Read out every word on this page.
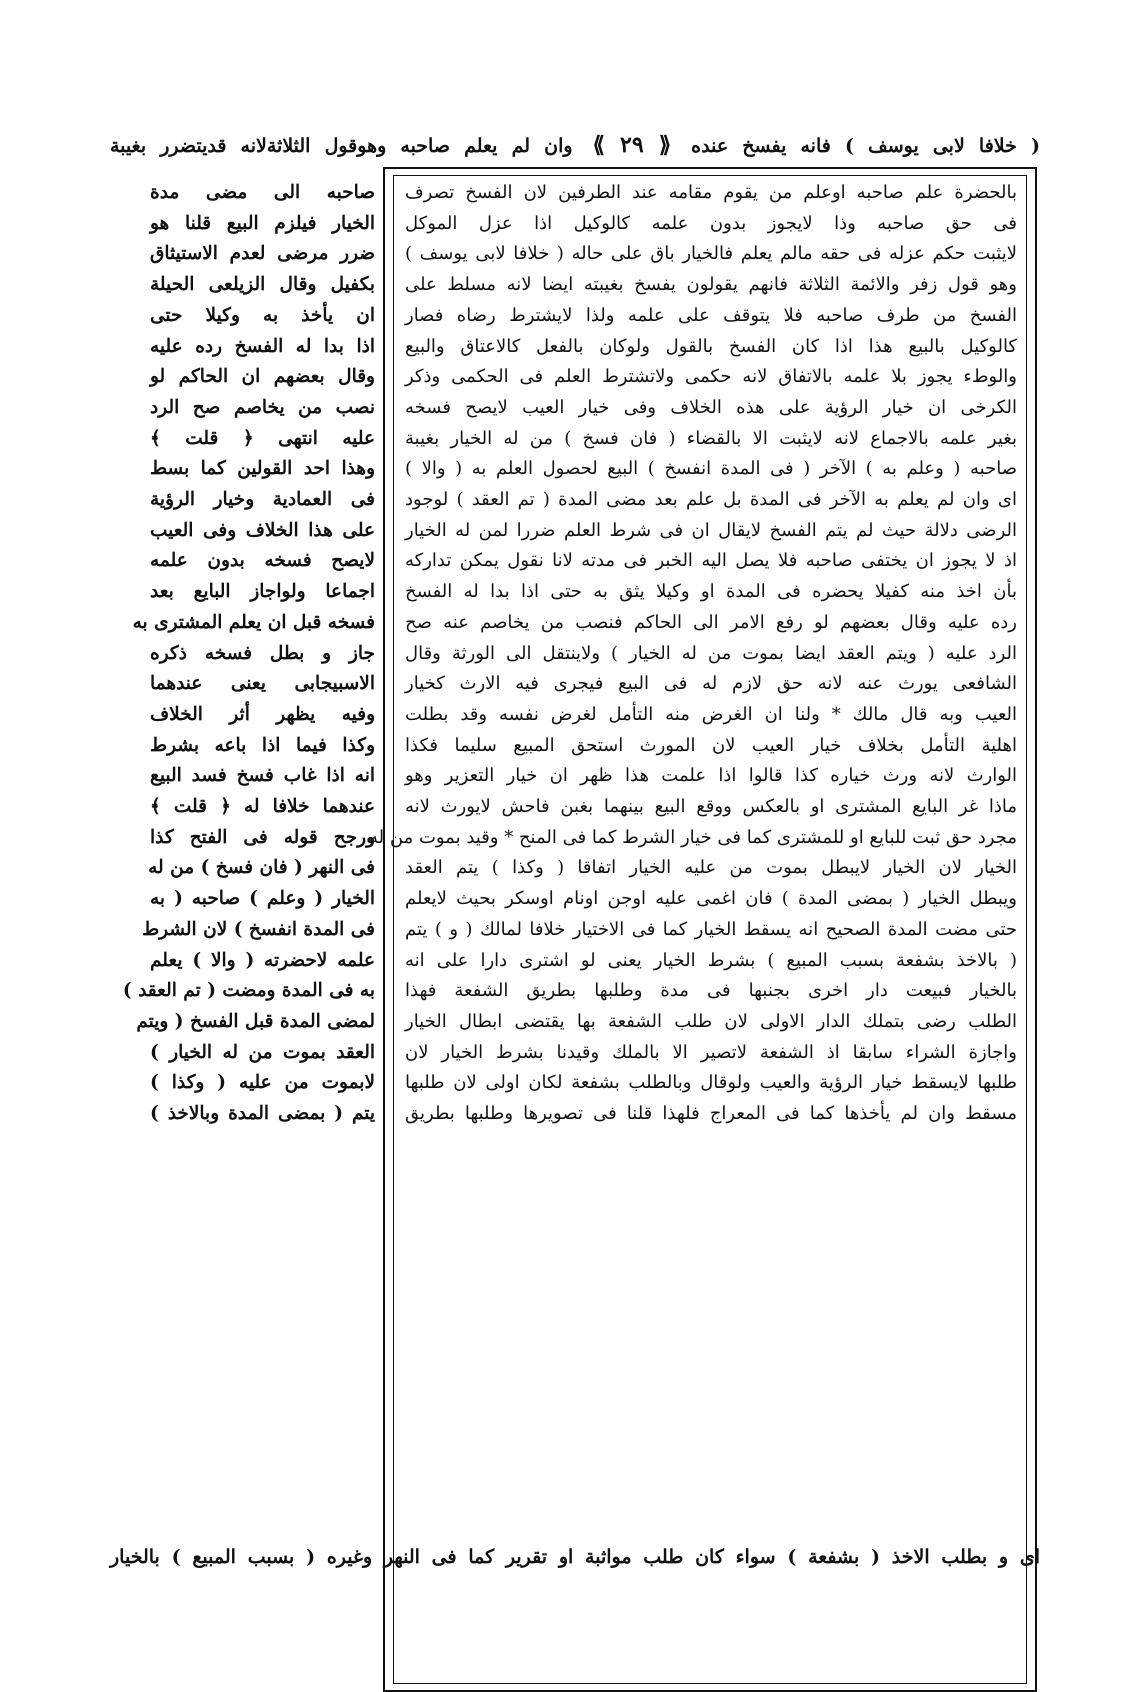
( خلافا لابى يوسف ) فانه يفسخ عنده ⟪ ٢٩ ⟫ وان لم يعلم صاحبه وهوقول الثلاثةلانه قديتضرر بغيبة
بالحضرة علم صاحبه اوعلم من يقوم مقامه عند الطرفين لان الفسخ تصرف
فى حق صاحبه وذا لايجوز بدون علمه كالوكيل اذا عزل الموكل
لايثبت حكم عزله فى حقه مالم يعلم فالخيار باق على حاله ( خلافا لابى يوسف )
وهو قول زفر والائمة الثلاثة فانهم يقولون يفسخ بغيبته ايضا لانه مسلط على
الفسخ من طرف صاحبه فلا يتوقف على علمه ولذا لايشترط رضاه فصار
كالوكيل بالبيع هذا اذا كان الفسخ بالقول ولوكان بالفعل كالاعتاق والبيع
والوطء يجوز بلا علمه بالاتفاق لانه حكمى ولاتشترط العلم فى الحكمى وذكر
الكرخى ان خيار الرؤية على هذه الخلاف وفى خيار العيب لايصح فسخه
بغير علمه بالاجماع لانه لايثبت الا بالقضاء ( فان فسخ ) من له الخيار بغيبة
صاحبه ( وعلم به ) الآخر ( فى المدة انفسخ ) البيع لحصول العلم به ( والا )
اى وان لم يعلم به الآخر فى المدة بل علم بعد مضى المدة ( تم العقد ) لوجود
الرضى دلالة حيث لم يتم الفسخ لايقال ان فى شرط العلم ضررا لمن له الخيار
اذ لا يجوز ان يختفى صاحبه فلا يصل اليه الخبر فى مدته لانا نقول يمكن تداركه
بأن اخذ منه كفيلا يحضره فى المدة او وكيلا يثق به حتى اذا بدا له الفسخ
رده عليه وقال بعضهم لو رفع الامر الى الحاكم فنصب من يخاصم عنه صح
الرد عليه ( ويتم العقد ايضا بموت من له الخيار ) ولاينتقل الى الورثة وقال
الشافعى يورث عنه لانه حق لازم له فى البيع فيجرى فيه الارث كخيار
العيب وبه قال مالك * ولنا ان الغرض منه التأمل لغرض نفسه وقد بطلت
اهلية التأمل بخلاف خيار العيب لان المورث استحق المبيع سليما فكذا
الوارث لانه ورث خياره كذا قالوا اذا علمت هذا ظهر ان خيار التعزير وهو
ماذا غر البايع المشترى او بالعكس ووقع البيع بينهما بغبن فاحش لايورث لانه
مجرد حق ثبت للبايع او للمشترى كما فى خيار الشرط كما فى المنح * وقيد بموت من له
الخيار لان الخيار لايبطل بموت من عليه الخيار اتفاقا ( وكذا ) يتم العقد
ويبطل الخيار ( بمضى المدة ) فان اغمى عليه اوجن اونام اوسكر بحيث لايعلم
حتى مضت المدة الصحيح انه يسقط الخيار كما فى الاختيار خلافا لمالك ( و ) يتم
( بالاخذ بشفعة بسبب المبيع ) بشرط الخيار يعنى لو اشترى دارا على انه
بالخيار فبيعت دار اخرى بجنبها فى مدة وطلبها بطريق الشفعة فهذا
الطلب رضى بتملك الدار الاولى لان طلب الشفعة بها يقتضى ابطال الخيار
واجازة الشراء سابقا اذ الشفعة لاتصير الا بالملك وقيدنا بشرط الخيار لان
طلبها لايسقط خيار الرؤية والعيب ولوقال وبالطلب بشفعة لكان اولى لان طلبها
مسقط وان لم يأخذها كما فى المعراج فلهذا قلنا فى تصويرها وطلبها بطريق
صاحبه الى مضى مدة
الخيار فيلزم البيع قلنا هو
ضرر مرضى لعدم الاستيثاق
بكفيل وقال الزيلعى الحيلة
ان يأخذ به وكيلا حتى
اذا بدا له الفسخ رده عليه
وقال بعضهم ان الحاكم لو
نصب من يخاصم صح الرد
عليه انتهى ﴿ قلت ﴾
وهذا احد القولين كما بسط
فى العمادية وخيار الرؤية
على هذا الخلاف وفى العيب
لايصح فسخه بدون علمه
اجماعا ولواجاز البايع بعد
فسخه قبل ان يعلم المشترى به
جاز و بطل فسخه ذكره
الاسبيجابى يعنى عندهما
وفيه يظهر أثر الخلاف
وكذا فيما اذا باعه بشرط
انه اذا غاب فسخ فسد البيع
عندهما خلافا له ﴿ قلت ﴾
ورجح قوله فى الفتح كذا
فى النهر ( فان فسخ ) من له
الخيار ( وعلم ) صاحبه ( به
فى المدة انفسخ ) لان الشرط
علمه لاحضرته ( والا ) يعلم
به فى المدة ومضت ( تم العقد )
لمضى المدة قبل الفسخ ( ويتم
العقد بموت من له الخيار )
لابموت من عليه ( وكذا )
يتم ( بمضى المدة وبالاخذ )
اى و بطلب الاخذ ( بشفعة ) سواء كان طلب مواثبة او تقرير كما فى النهر وغيره ( بسبب المبيع ) بالخيار
